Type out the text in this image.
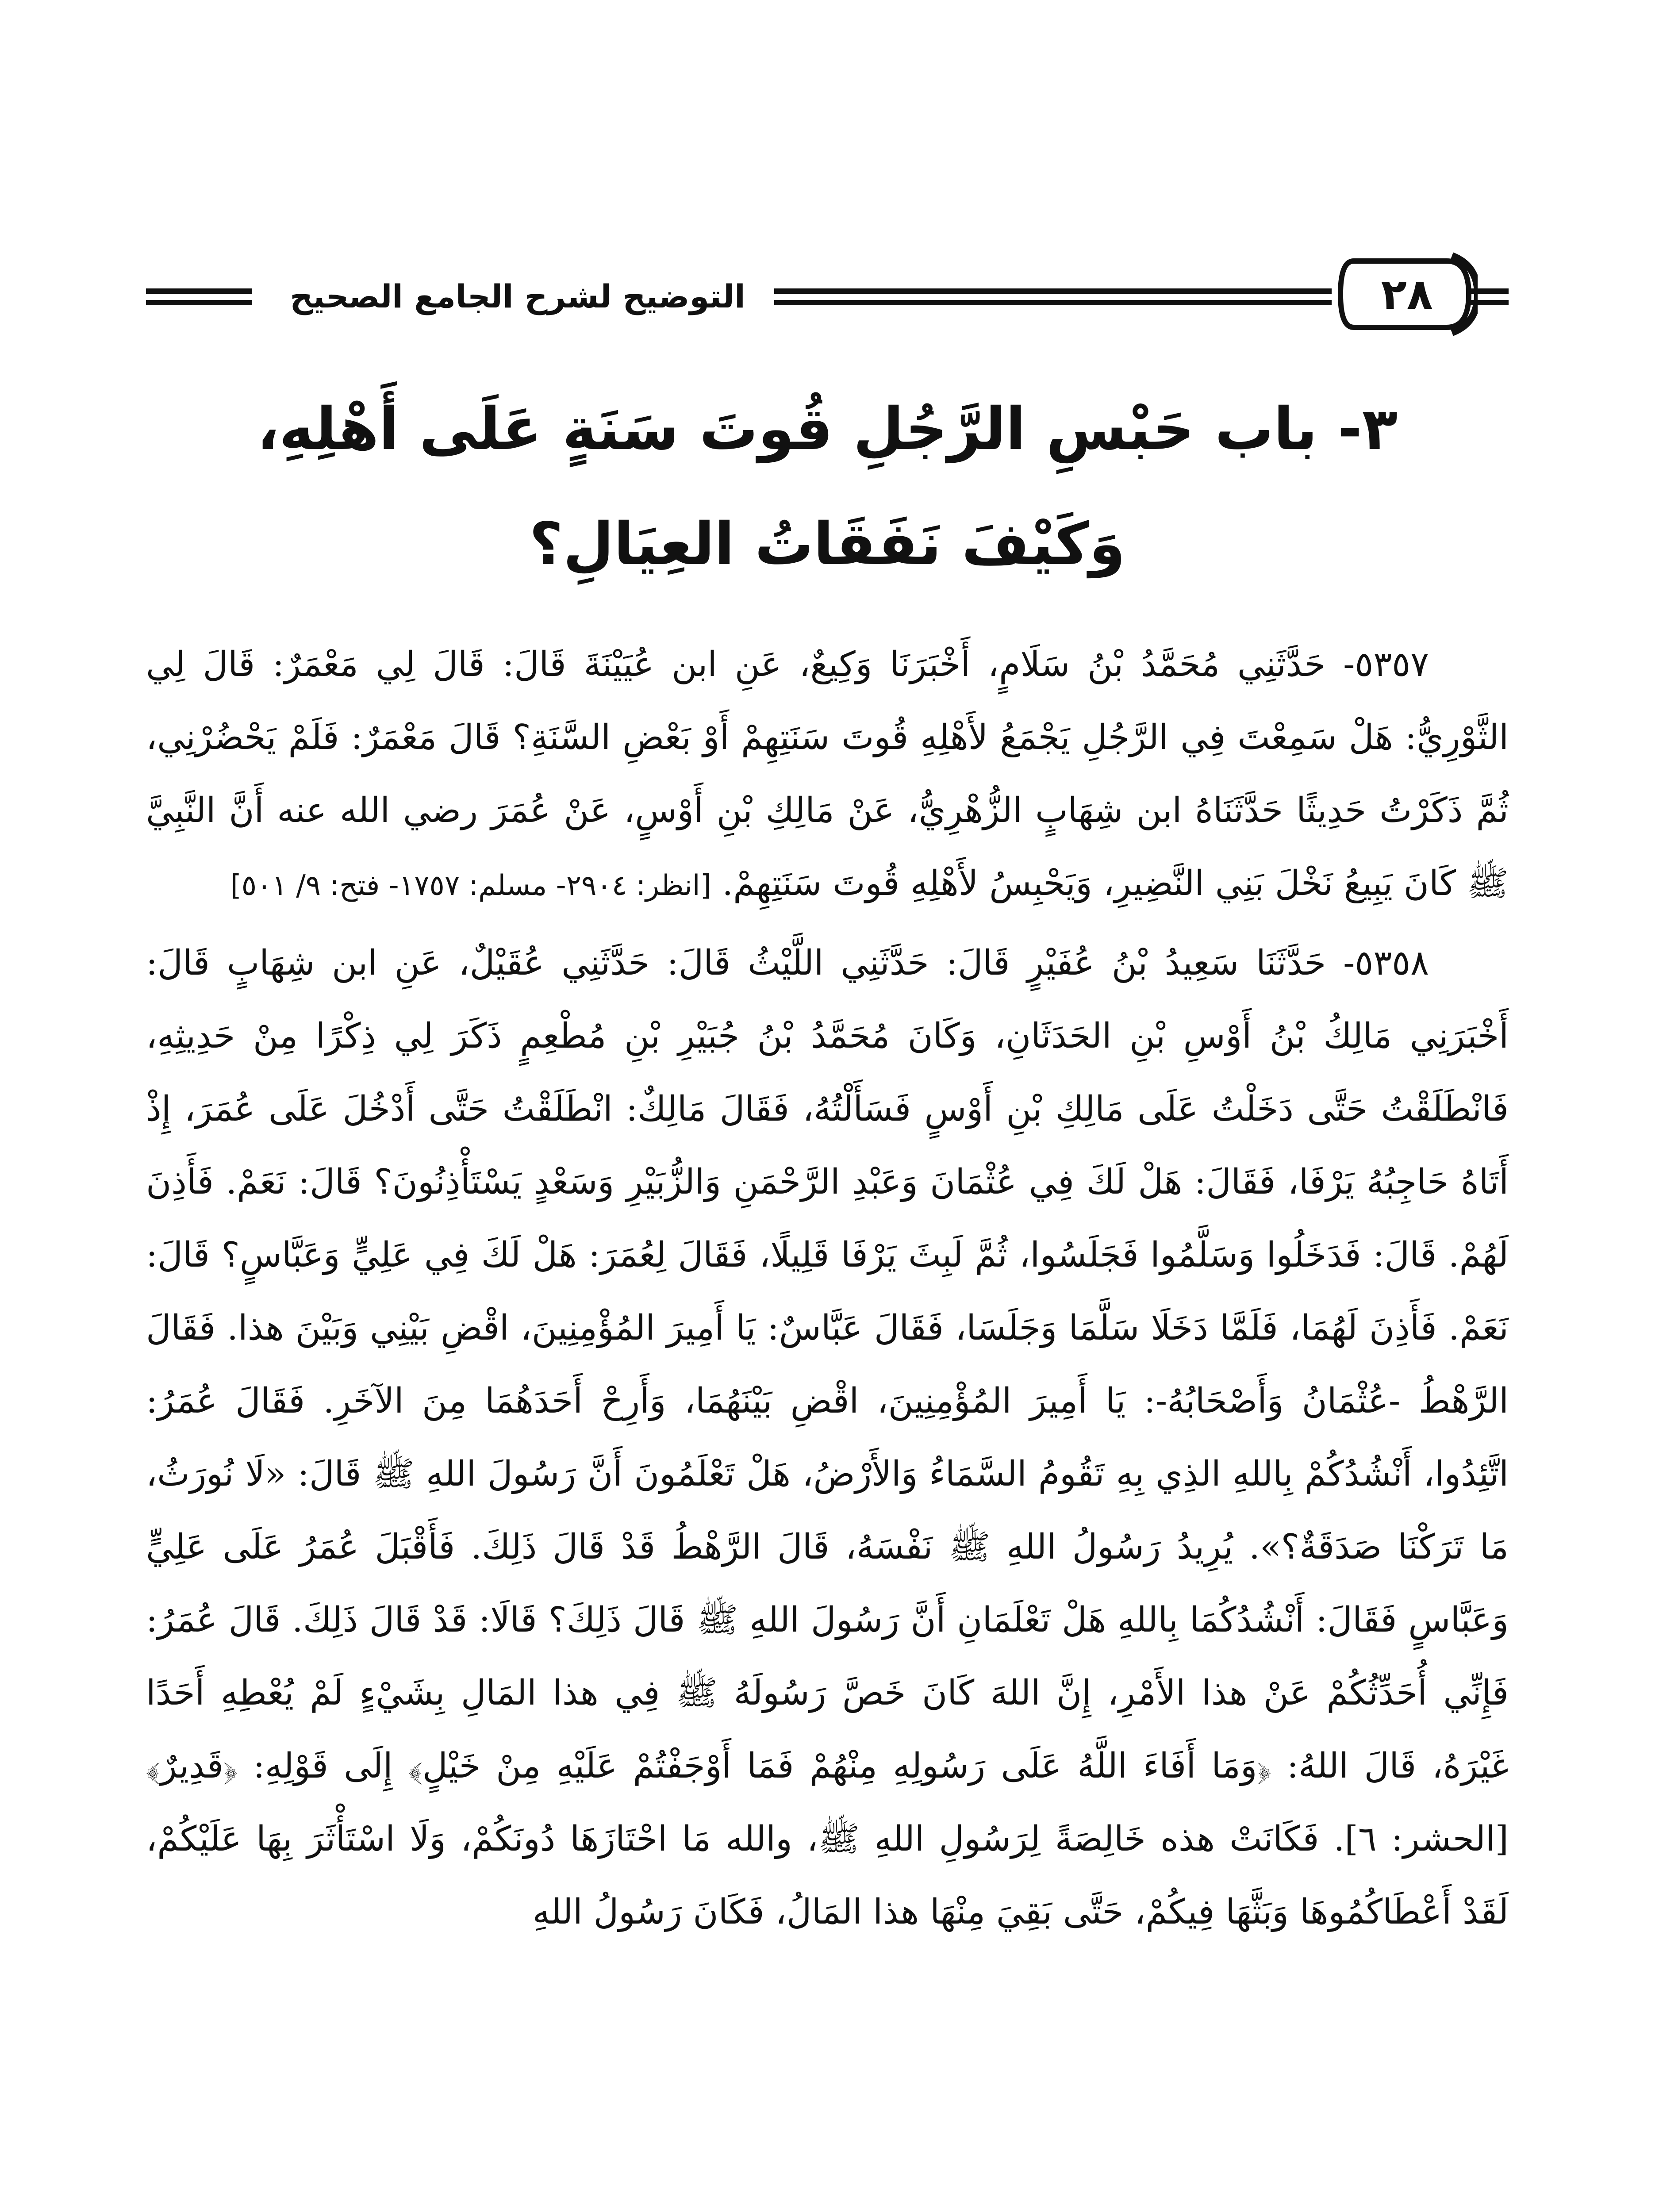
التوضيح لشرح الجامع الصحيح	٢٨
٣- باب حَبْسِ الرَّجُلِ قُوتَ سَنَةٍ عَلَى أَهْلِهِ،
وَكَيْفَ نَفَقَاتُ العِيَالِ؟

٥٣٥٧- حَدَّثَنِي مُحَمَّدُ بْنُ سَلَامٍ، أَخْبَرَنَا وَكِيعٌ، عَنِ ابن عُيَيْنَةَ قَالَ: قَالَ لِي مَعْمَرٌ: قَالَ لِي الثَّوْرِيُّ: هَلْ سَمِعْتَ فِي الرَّجُلِ يَجْمَعُ لأَهْلِهِ قُوتَ سَنَتِهِمْ أَوْ بَعْضِ السَّنَةِ؟ قَالَ مَعْمَرٌ: فَلَمْ يَحْضُرْنِي، ثُمَّ ذَكَرْتُ حَدِيثًا حَدَّثَنَاهُ ابن شِهَابٍ الزُّهْرِيُّ، عَنْ مَالِكِ بْنِ أَوْسٍ، عَنْ عُمَرَ رضي الله عنه أَنَّ النَّبِيَّ ﷺ كَانَ يَبِيعُ نَخْلَ بَنِي النَّضِيرِ، وَيَحْبِسُ لأَهْلِهِ قُوتَ سَنَتِهِمْ. [انظر: ٢٩٠٤- مسلم: ١٧٥٧- فتح: ٩/ ٥٠١]

٥٣٥٨- حَدَّثَنَا سَعِيدُ بْنُ عُفَيْرٍ قَالَ: حَدَّثَنِي اللَّيْثُ قَالَ: حَدَّثَنِي عُقَيْلٌ، عَنِ ابن شِهَابٍ قَالَ: أَخْبَرَنِي مَالِكُ بْنُ أَوْسِ بْنِ الحَدَثَانِ، وَكَانَ مُحَمَّدُ بْنُ جُبَيْرِ بْنِ مُطْعِمٍ ذَكَرَ لِي ذِكْرًا مِنْ حَدِيثِهِ، فَانْطَلَقْتُ حَتَّى دَخَلْتُ عَلَى مَالِكِ بْنِ أَوْسٍ فَسَأَلْتُهُ، فَقَالَ مَالِكٌ: انْطَلَقْتُ حَتَّى أَدْخُلَ عَلَى عُمَرَ، إِذْ أَتَاهُ حَاجِبُهُ يَرْفَا، فَقَالَ: هَلْ لَكَ فِي عُثْمَانَ وَعَبْدِ الرَّحْمَنِ وَالزُّبَيْرِ وَسَعْدٍ يَسْتَأْذِنُونَ؟ قَالَ: نَعَمْ. فَأَذِنَ لَهُمْ. قَالَ: فَدَخَلُوا وَسَلَّمُوا فَجَلَسُوا، ثُمَّ لَبِثَ يَرْفَا قَلِيلًا، فَقَالَ لِعُمَرَ: هَلْ لَكَ فِي عَلِيٍّ وَعَبَّاسٍ؟ قَالَ: نَعَمْ. فَأَذِنَ لَهُمَا، فَلَمَّا دَخَلَا سَلَّمَا وَجَلَسَا، فَقَالَ عَبَّاسٌ: يَا أَمِيرَ المُؤْمِنِينَ، اقْضِ بَيْنِي وَبَيْنَ هذا. فَقَالَ الرَّهْطُ -عُثْمَانُ وَأَصْحَابُهُ-: يَا أَمِيرَ المُؤْمِنِينَ، اقْضِ بَيْنَهُمَا، وَأَرِحْ أَحَدَهُمَا مِنَ الآخَرِ. فَقَالَ عُمَرُ: اتَّئِدُوا، أَنْشُدُكُمْ بِاللهِ الذِي بِهِ تَقُومُ السَّمَاءُ وَالأَرْضُ، هَلْ تَعْلَمُونَ أَنَّ رَسُولَ اللهِ ﷺ قَالَ: «لَا نُورَثُ، مَا تَرَكْنَا صَدَقَةٌ؟». يُرِيدُ رَسُولُ اللهِ ﷺ نَفْسَهُ، قَالَ الرَّهْطُ قَدْ قَالَ ذَلِكَ. فَأَقْبَلَ عُمَرُ عَلَى عَلِيٍّ وَعَبَّاسٍ فَقَالَ: أَنْشُدُكُمَا بِاللهِ هَلْ تَعْلَمَانِ أَنَّ رَسُولَ اللهِ ﷺ قَالَ ذَلِكَ؟ قَالَا: قَدْ قَالَ ذَلِكَ. قَالَ عُمَرُ: فَإِنِّي أُحَدِّثُكُمْ عَنْ هذا الأَمْرِ، إِنَّ اللهَ كَانَ خَصَّ رَسُولَهُ ﷺ فِي هذا المَالِ بِشَيْءٍ لَمْ يُعْطِهِ أَحَدًا غَيْرَهُ، قَالَ اللهُ: ﴿وَمَا أَفَاءَ اللَّهُ عَلَى رَسُولِهِ مِنْهُمْ فَمَا أَوْجَفْتُمْ عَلَيْهِ مِنْ خَيْلٍ﴾ إِلَى قَوْلِهِ: ﴿قَدِيرٌ﴾ [الحشر: ٦]. فَكَانَتْ هذه خَالِصَةً لِرَسُولِ اللهِ ﷺ، والله مَا احْتَازَهَا دُونَكُمْ، وَلَا اسْتَأْثَرَ بِهَا عَلَيْكُمْ، لَقَدْ أَعْطَاكُمُوهَا وَبَثَّهَا فِيكُمْ، حَتَّى بَقِيَ مِنْهَا هذا المَالُ، فَكَانَ رَسُولُ اللهِ
